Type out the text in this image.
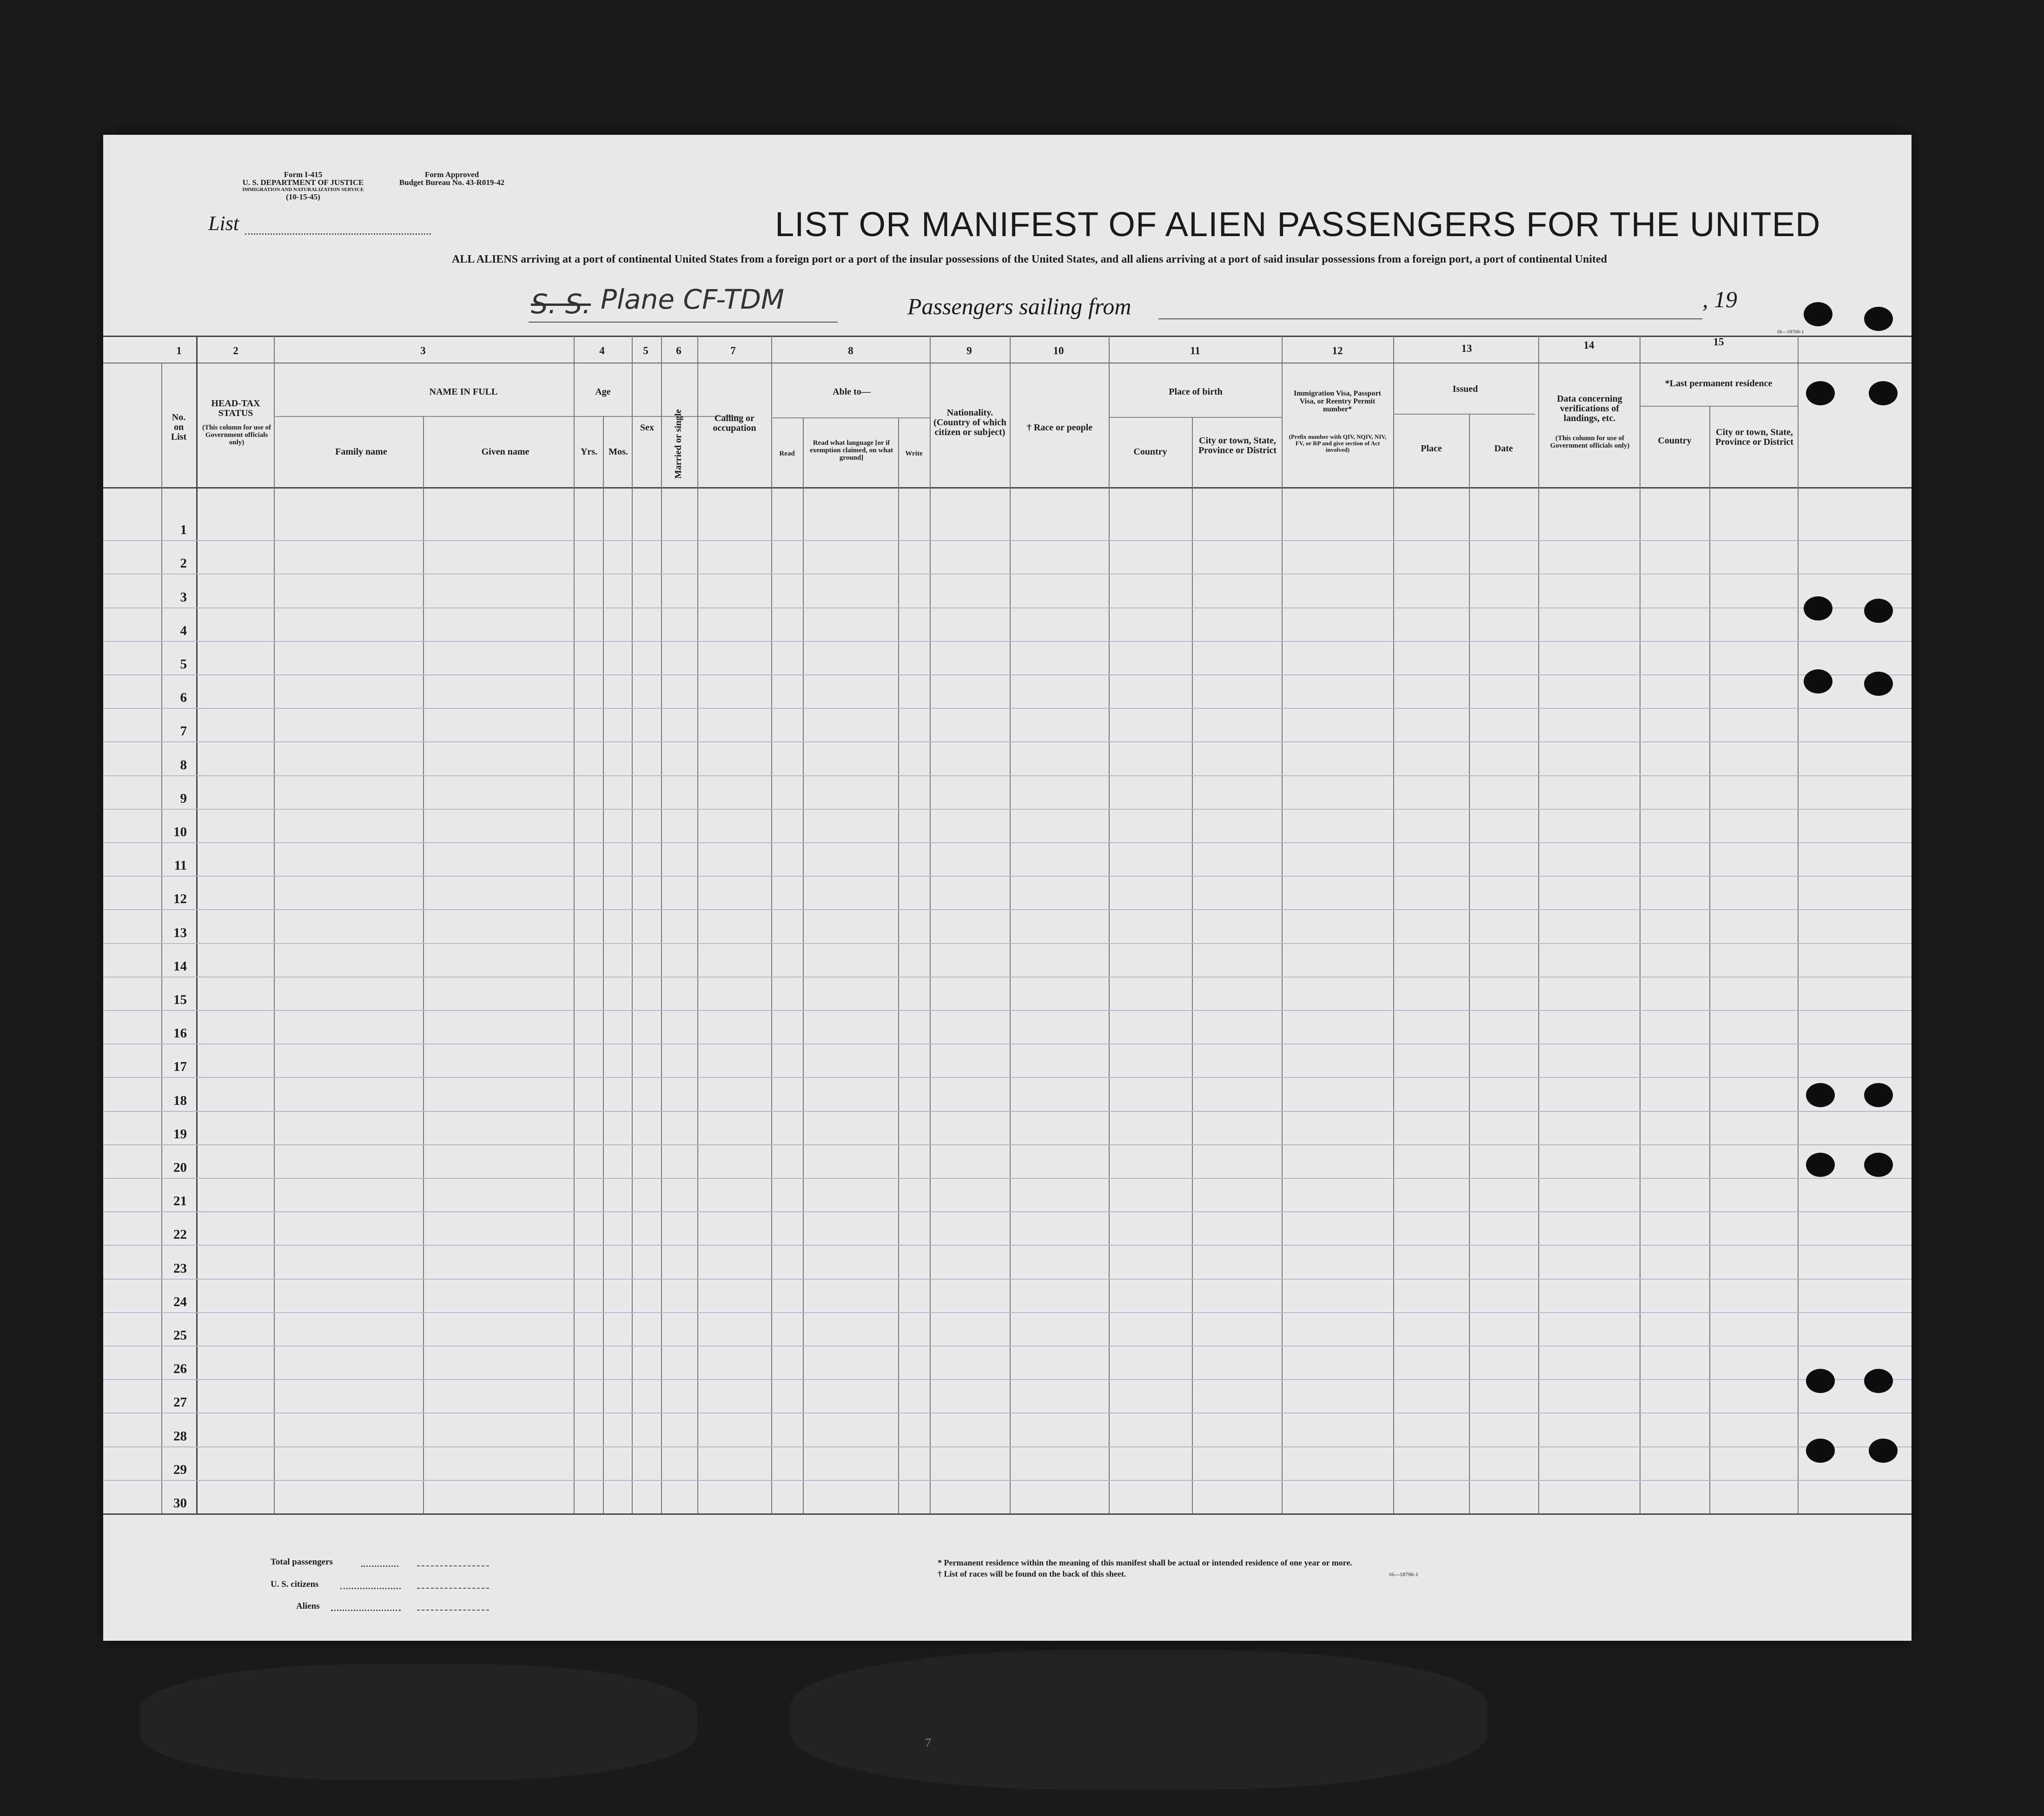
Form I-415
U. S. DEPARTMENT OF JUSTICE
IMMIGRATION AND NATURALIZATION SERVICE
(10-15-45)
Form Approved
Budget Bureau No. 43-R019-42
List	LIST OR MANIFEST OF ALIEN PASSENGERS FOR THE UNITED
ALL ALIENS arriving at a port of continental United States from a foreign port or a port of the insular possessions of the United States, and all aliens arriving at a port of said insular possessions from a foreign port, a port of continental United
S. S. Plane CF-TDM	Passengers sailing from	, 19
16—18706-1
1	2	3	4	5	6	7	8	9	10	11	12	13	14	15
No. on List
HEAD-TAX STATUS
(This column for use of Government officials only)
NAME IN FULL
Family name	Given name
Age
Yrs.	Mos.
Sex	Married or single	Calling or occupation
Able to—
Read
Read what language [or if exemption claimed, on what ground]
Write
Nationality. (Country of which citizen or subject)	† Race or people
Place of birth
Country
City or town, State, Province or District
Immigration Visa, Passport Visa, or Reentry Permit number*
(Prefix number with QIV, NQIV, NIV, FV, or RP and give section of Act involved)
Issued
Place	Date
Data concerning verifications of landings, etc.
(This column for use of Government officials only)
*Last permanent residence
Country
City or town, State, Province or District
1
2
3
4
5
6
7
8
9
10
11
12
13
14
15
16
17
18
19
20
21
22
23
24
25
26
27
28
29
30
Total passengers
U. S. citizens
Aliens
* Permanent residence within the meaning of this manifest shall be actual or intended residence of one year or more.
† List of races will be found on the back of this sheet.	16—18706-1
7
